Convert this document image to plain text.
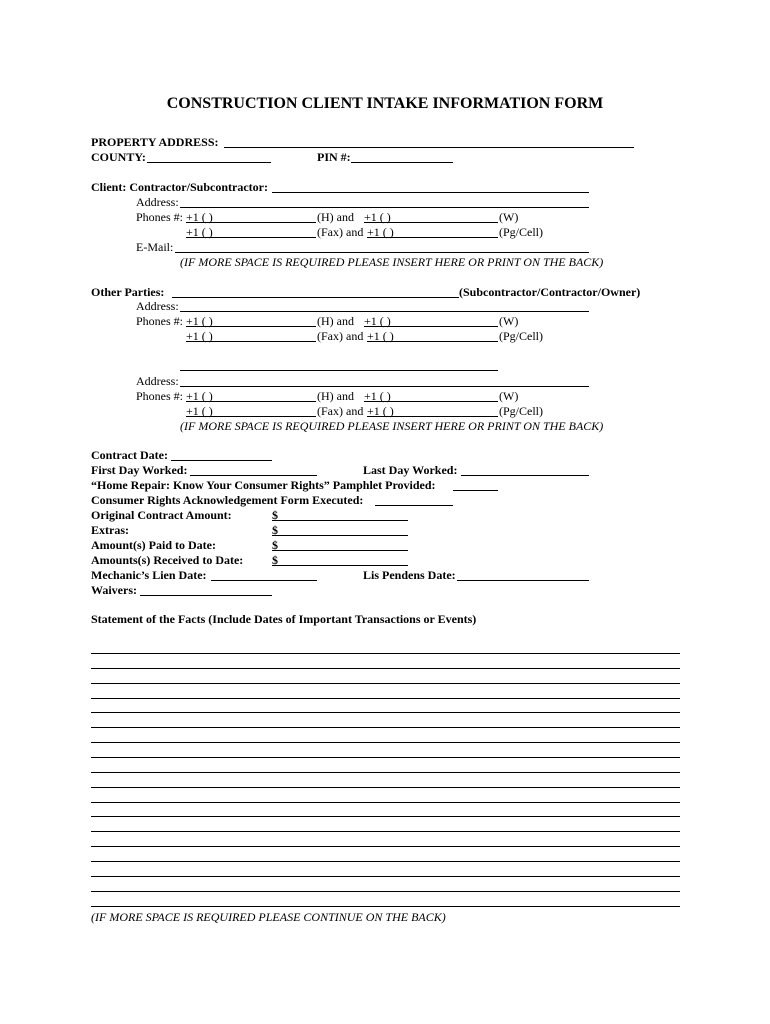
CONSTRUCTION CLIENT INTAKE INFORMATION FORM
PROPERTY ADDRESS:
COUNTY:	PIN #:
Client: Contractor/Subcontractor:
Address:
Phones #: +1 ( )	(H) and +1 ( )	(W)
+1 ( )	(Fax) and +1 ( )	(Pg/Cell)
E-Mail:
(IF MORE SPACE IS REQUIRED PLEASE INSERT HERE OR PRINT ON THE BACK)
Other Parties:	(Subcontractor/Contractor/Owner)
Address:
Phones #: +1 ( )	(H) and +1 ( )	(W)
+1 ( )	(Fax) and +1 ( )	(Pg/Cell)
Address:
Phones #: +1 ( )	(H) and +1 ( )	(W)
+1 ( )	(Fax) and +1 ( )	(Pg/Cell)
(IF MORE SPACE IS REQUIRED PLEASE INSERT HERE OR PRINT ON THE BACK)
Contract Date:
First Day Worked:	Last Day Worked:
“Home Repair: Know Your Consumer Rights” Pamphlet Provided:
Consumer Rights Acknowledgement Form Executed:
Original Contract Amount:	$
Extras:	$
Amount(s) Paid to Date:	$
Amounts(s) Received to Date: $
Mechanic’s Lien Date:	Lis Pendens Date:
Waivers:
Statement of the Facts (Include Dates of Important Transactions or Events)
(IF MORE SPACE IS REQUIRED PLEASE CONTINUE ON THE BACK)
